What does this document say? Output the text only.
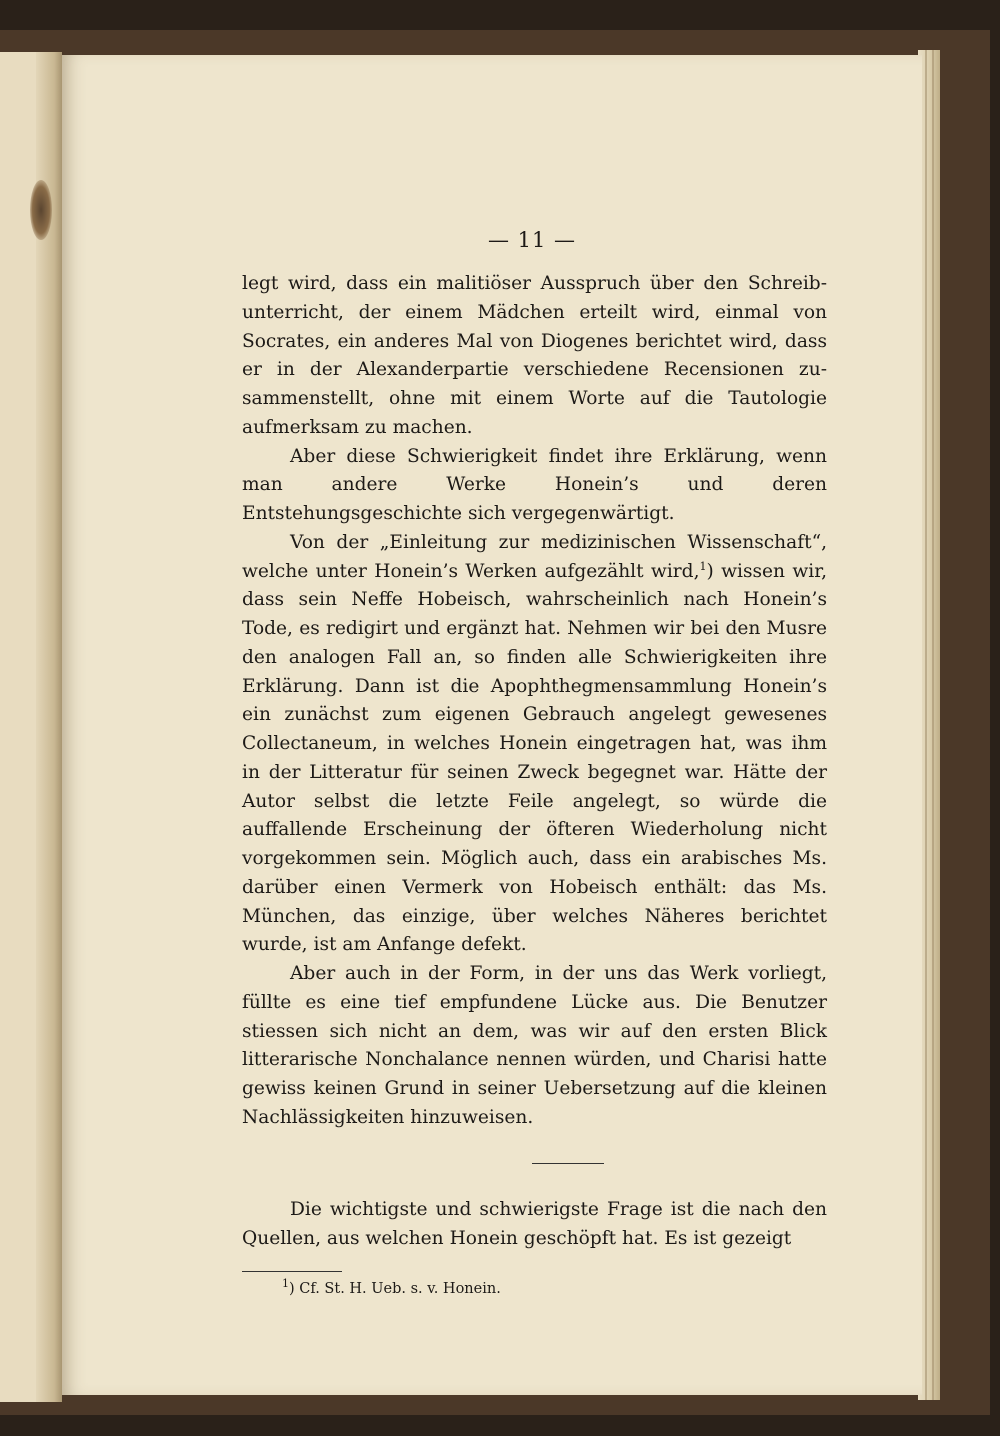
— 11 —

legt wird, dass ein malitiöser Ausspruch über den Schreibunterricht, der einem Mädchen erteilt wird, einmal von Socrates, ein anderes Mal von Diogenes berichtet wird, dass er in der Alexanderpartie verschiedene Recensionen zusammenstellt, ohne mit einem Worte auf die Tautologie aufmerksam zu machen.

Aber diese Schwierigkeit findet ihre Erklärung, wenn man andere Werke Honein’s und deren Entstehungsgeschichte sich vergegenwärtigt.

Von der „Einleitung zur medizinischen Wissenschaft“, welche unter Honein’s Werken aufgezählt wird,$^1$) wissen wir, dass sein Neffe Hobeisch, wahrscheinlich nach Honein’s Tode, es redigirt und ergänzt hat. Nehmen wir bei den Musre den analogen Fall an, so finden alle Schwierigkeiten ihre Erklärung. Dann ist die Apophthegmensammlung Honein’s ein zunächst zum eigenen Gebrauch angelegt gewesenes Collectaneum, in welches Honein eingetragen hat, was ihm in der Litteratur für seinen Zweck begegnet war. Hätte der Autor selbst die letzte Feile angelegt, so würde die auffallende Erscheinung der öfteren Wiederholung nicht vorgekommen sein. Möglich auch, dass ein arabisches Ms. darüber einen Vermerk von Hobeisch enthält: das Ms. München, das einzige, über welches Näheres berichtet wurde, ist am Anfange defekt.

Aber auch in der Form, in der uns das Werk vorliegt, füllte es eine tief empfundene Lücke aus. Die Benutzer stiessen sich nicht an dem, was wir auf den ersten Blick litterarische Nonchalance nennen würden, und Charisi hatte gewiss keinen Grund in seiner Uebersetzung auf die kleinen Nachlässigkeiten hinzuweisen.

Die wichtigste und schwierigste Frage ist die nach den Quellen, aus welchen Honein geschöpft hat. Es ist gezeigt

$^1$) Cf. St. H. Ueb. s. v. Honein.
